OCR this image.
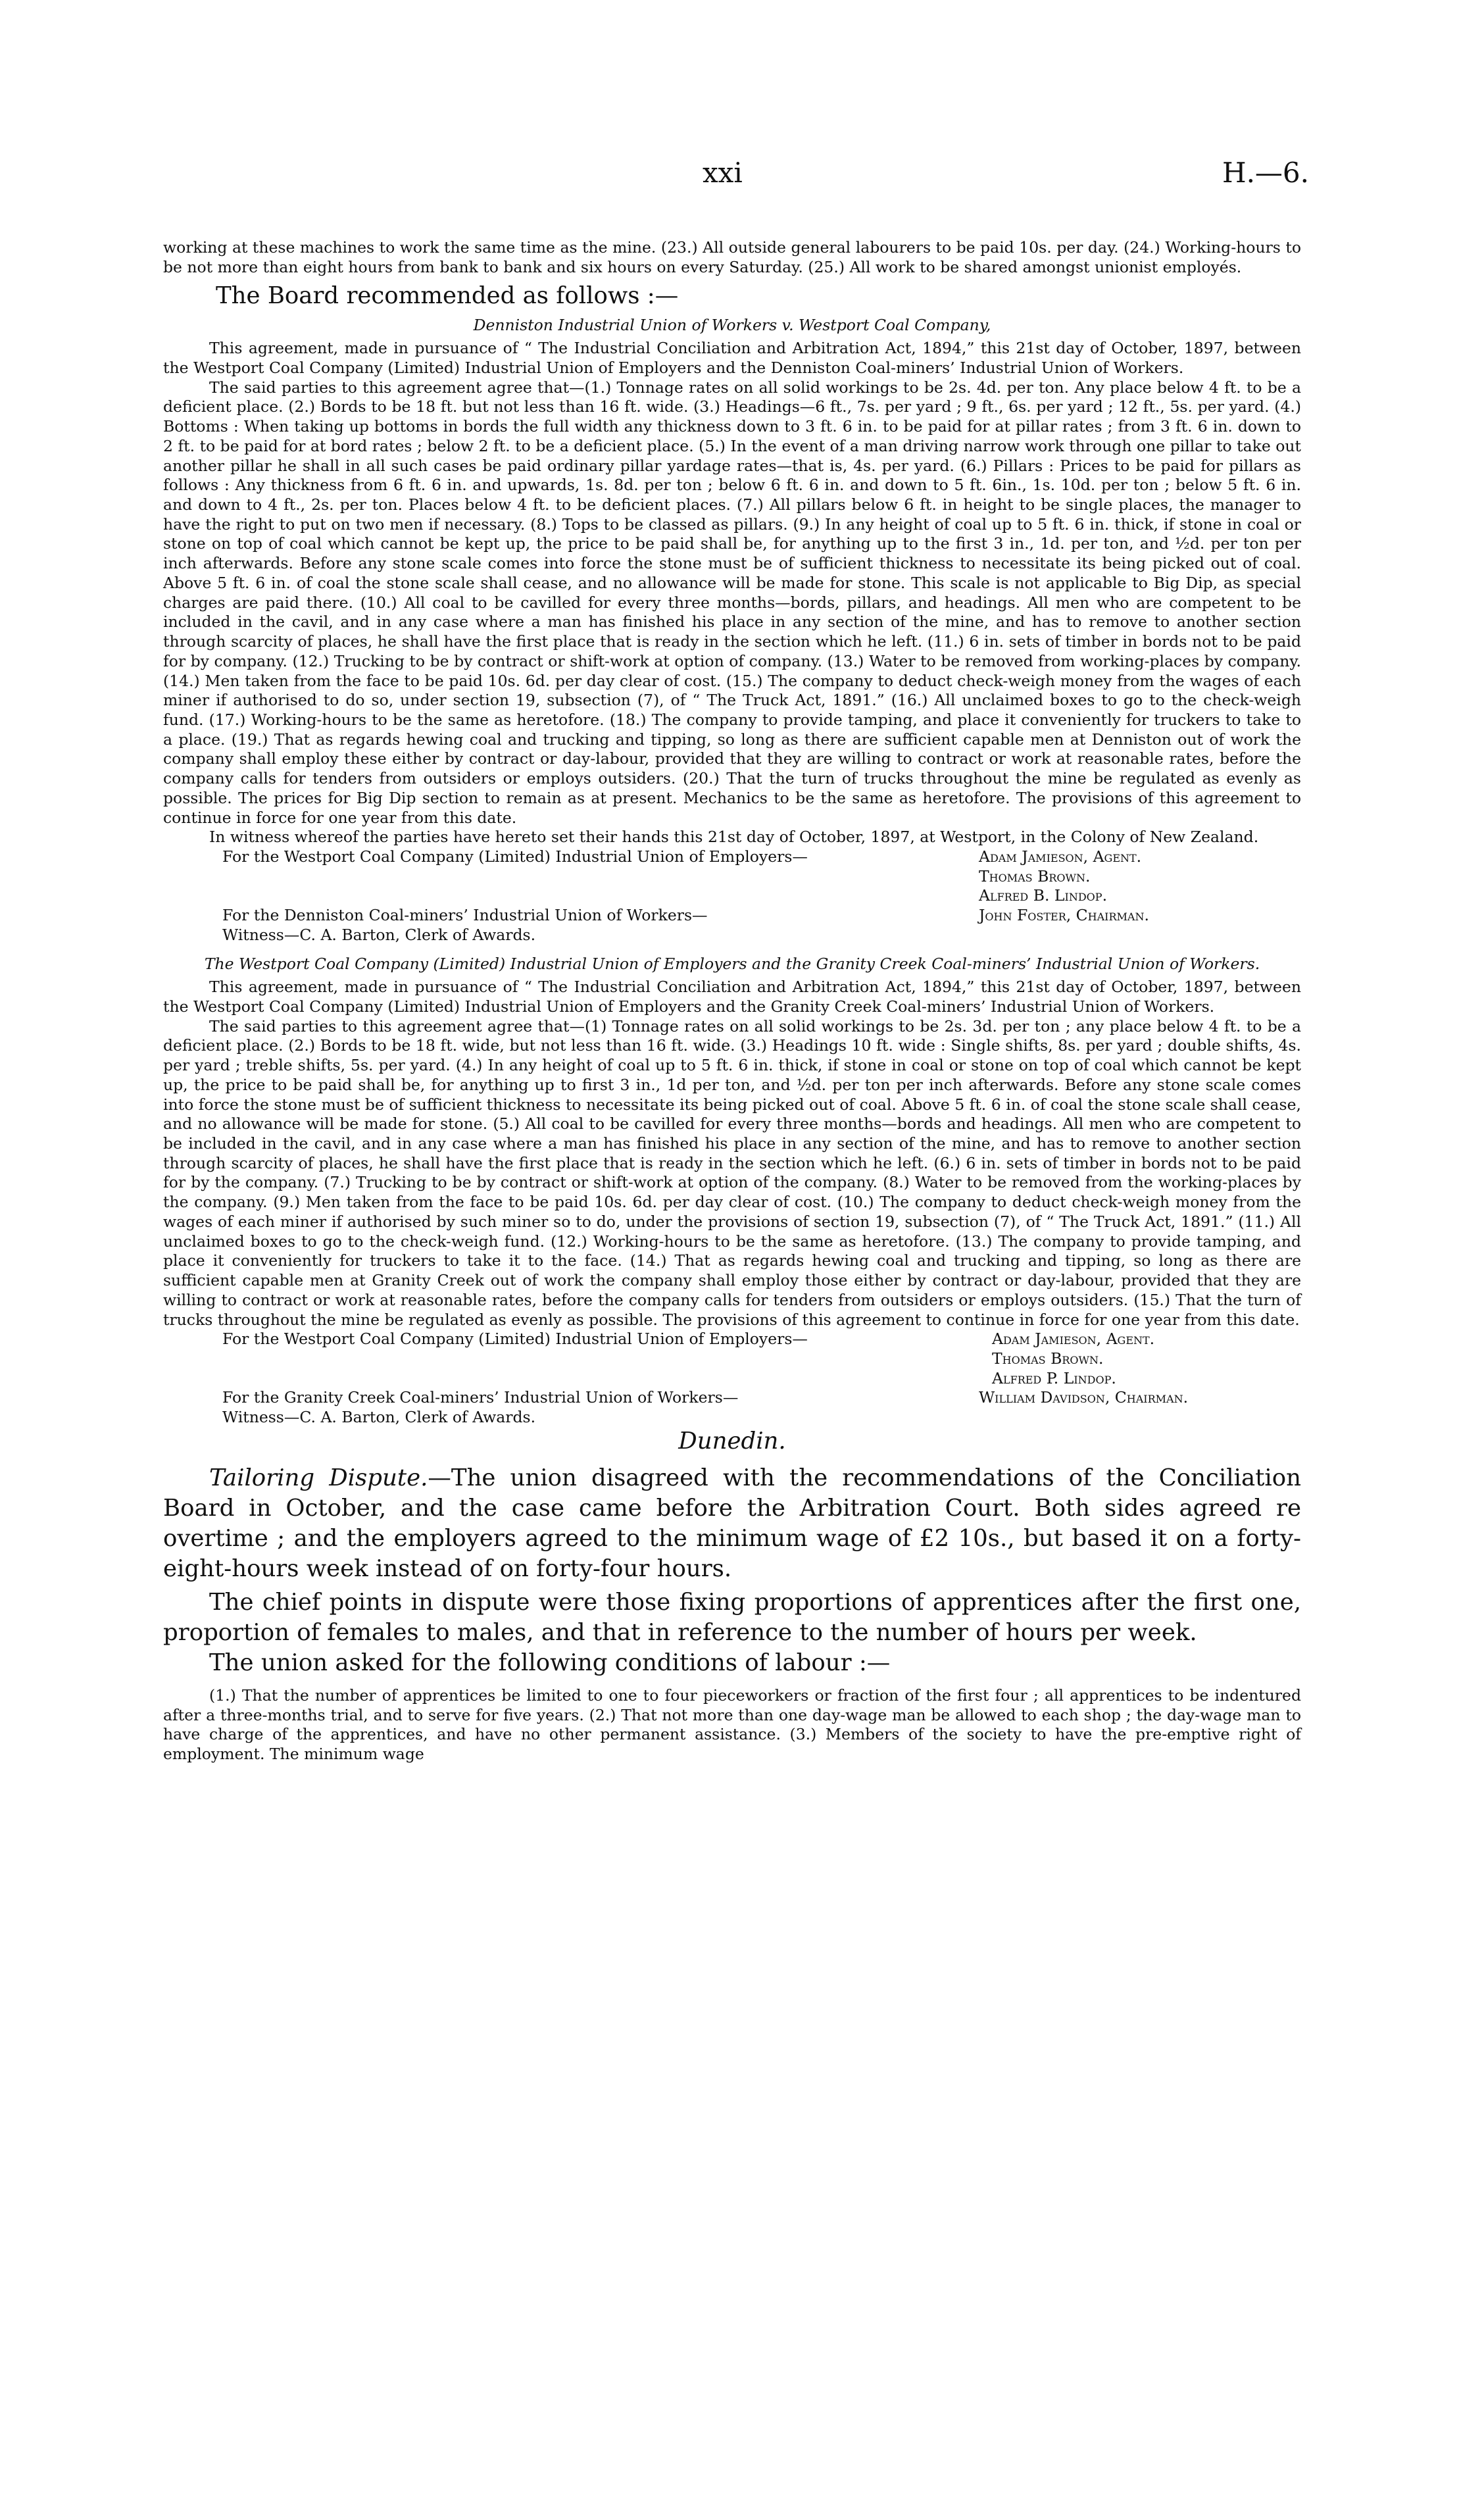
xxi	H.—6.

working at these machines to work the same time as the mine. (23.) All outside general labourers to be paid 10s. per day. (24.) Working-hours to be not more than eight hours from bank to bank and six hours on every Saturday. (25.) All work to be shared amongst unionist employés.

The Board recommended as follows :—

Denniston Industrial Union of Workers v. Westport Coal Company,

This agreement, made in pursuance of “ The Industrial Conciliation and Arbitration Act, 1894,” this 21st day of October, 1897, between the Westport Coal Company (Limited) Industrial Union of Employers and the Denniston Coal-miners’ Industrial Union of Workers.

The said parties to this agreement agree that—(1.) Tonnage rates on all solid workings to be 2s. 4d. per ton. Any place below 4 ft. to be a deficient place. (2.) Bords to be 18 ft. but not less than 16 ft. wide. (3.) Headings—6 ft., 7s. per yard ; 9 ft., 6s. per yard ; 12 ft., 5s. per yard. (4.) Bottoms : When taking up bottoms in bords the full width any thickness down to 3 ft. 6 in. to be paid for at pillar rates ; from 3 ft. 6 in. down to 2 ft. to be paid for at bord rates ; below 2 ft. to be a deficient place. (5.) In the event of a man driving narrow work through one pillar to take out another pillar he shall in all such cases be paid ordinary pillar yardage rates—that is, 4s. per yard. (6.) Pillars : Prices to be paid for pillars as follows : Any thickness from 6 ft. 6 in. and upwards, 1s. 8d. per ton ; below 6 ft. 6 in. and down to 5 ft. 6in., 1s. 10d. per ton ; below 5 ft. 6 in. and down to 4 ft., 2s. per ton. Places below 4 ft. to be deficient places. (7.) All pillars below 6 ft. in height to be single places, the manager to have the right to put on two men if necessary. (8.) Tops to be classed as pillars. (9.) In any height of coal up to 5 ft. 6 in. thick, if stone in coal or stone on top of coal which cannot be kept up, the price to be paid shall be, for anything up to the first 3 in., 1d. per ton, and ½d. per ton per inch afterwards. Before any stone scale comes into force the stone must be of sufficient thickness to necessitate its being picked out of coal. Above 5 ft. 6 in. of coal the stone scale shall cease, and no allowance will be made for stone. This scale is not applicable to Big Dip, as special charges are paid there. (10.) All coal to be cavilled for every three months—bords, pillars, and headings. All men who are competent to be included in the cavil, and in any case where a man has finished his place in any section of the mine, and has to remove to another section through scarcity of places, he shall have the first place that is ready in the section which he left. (11.) 6 in. sets of timber in bords not to be paid for by company. (12.) Trucking to be by contract or shift-work at option of company. (13.) Water to be removed from working-places by company. (14.) Men taken from the face to be paid 10s. 6d. per day clear of cost. (15.) The company to deduct check-weigh money from the wages of each miner if authorised to do so, under section 19, subsection (7), of “ The Truck Act, 1891.” (16.) All unclaimed boxes to go to the check-weigh fund. (17.) Working-hours to be the same as heretofore. (18.) The company to provide tamping, and place it conveniently for truckers to take to a place. (19.) That as regards hewing coal and trucking and tipping, so long as there are sufficient capable men at Denniston out of work the company shall employ these either by contract or day-labour, provided that they are willing to contract or work at reasonable rates, before the company calls for tenders from outsiders or employs outsiders. (20.) That the turn of trucks throughout the mine be regulated as evenly as possible. The prices for Big Dip section to remain as at present. Mechanics to be the same as heretofore. The provisions of this agreement to continue in force for one year from this date.

In witness whereof the parties have hereto set their hands this 21st day of October, 1897, at Westport, in the Colony of New Zealand.

For the Westport Coal Company (Limited) Industrial Union of Employers—	Adam Jamieson, Agent.
Thomas Brown.
Alfred B. Lindop.
For the Denniston Coal-miners’ Industrial Union of Workers—	John Foster, Chairman.
Witness—C. A. Barton, Clerk of Awards.

The Westport Coal Company (Limited) Industrial Union of Employers and the Granity Creek Coal-miners’ Industrial Union of Workers.

This agreement, made in pursuance of “ The Industrial Conciliation and Arbitration Act, 1894,” this 21st day of October, 1897, between the Westport Coal Company (Limited) Industrial Union of Employers and the Granity Creek Coal-miners’ Industrial Union of Workers.

The said parties to this agreement agree that—(1) Tonnage rates on all solid workings to be 2s. 3d. per ton ; any place below 4 ft. to be a deficient place. (2.) Bords to be 18 ft. wide, but not less than 16 ft. wide. (3.) Headings 10 ft. wide : Single shifts, 8s. per yard ; double shifts, 4s. per yard ; treble shifts, 5s. per yard. (4.) In any height of coal up to 5 ft. 6 in. thick, if stone in coal or stone on top of coal which cannot be kept up, the price to be paid shall be, for anything up to first 3 in., 1d per ton, and ½d. per ton per inch afterwards. Before any stone scale comes into force the stone must be of sufficient thickness to necessitate its being picked out of coal. Above 5 ft. 6 in. of coal the stone scale shall cease, and no allowance will be made for stone. (5.) All coal to be cavilled for every three months—bords and headings. All men who are competent to be included in the cavil, and in any case where a man has finished his place in any section of the mine, and has to remove to another section through scarcity of places, he shall have the first place that is ready in the section which he left. (6.) 6 in. sets of timber in bords not to be paid for by the company. (7.) Trucking to be by contract or shift-work at option of the company. (8.) Water to be removed from the working-places by the company. (9.) Men taken from the face to be paid 10s. 6d. per day clear of cost. (10.) The company to deduct check-weigh money from the wages of each miner if authorised by such miner so to do, under the provisions of section 19, subsection (7), of “ The Truck Act, 1891.” (11.) All unclaimed boxes to go to the check-weigh fund. (12.) Working-hours to be the same as heretofore. (13.) The company to provide tamping, and place it conveniently for truckers to take it to the face. (14.) That as regards hewing coal and trucking and tipping, so long as there are sufficient capable men at Granity Creek out of work the company shall employ those either by contract or day-labour, provided that they are willing to contract or work at reasonable rates, before the company calls for tenders from outsiders or employs outsiders. (15.) That the turn of trucks throughout the mine be regulated as evenly as possible. The provisions of this agreement to continue in force for one year from this date.

For the Westport Coal Company (Limited) Industrial Union of Employers—	Adam Jamieson, Agent.
Thomas Brown.
Alfred P. Lindop.
For the Granity Creek Coal-miners’ Industrial Union of Workers—	William Davidson, Chairman.
Witness—C. A. Barton, Clerk of Awards.

Dunedin.

Tailoring Dispute.—The union disagreed with the recommendations of the Conciliation Board in October, and the case came before the Arbitration Court. Both sides agreed re overtime ; and the employers agreed to the minimum wage of £2 10s., but based it on a forty-eight-hours week instead of on forty-four hours.

The chief points in dispute were those fixing proportions of apprentices after the first one, proportion of females to males, and that in reference to the number of hours per week.

The union asked for the following conditions of labour :—

(1.) That the number of apprentices be limited to one to four pieceworkers or fraction of the first four ; all apprentices to be indentured after a three-months trial, and to serve for five years. (2.) That not more than one day-wage man be allowed to each shop ; the day-wage man to have charge of the apprentices, and have no other permanent assistance. (3.) Members of the society to have the pre-emptive right of employment. The minimum wage
